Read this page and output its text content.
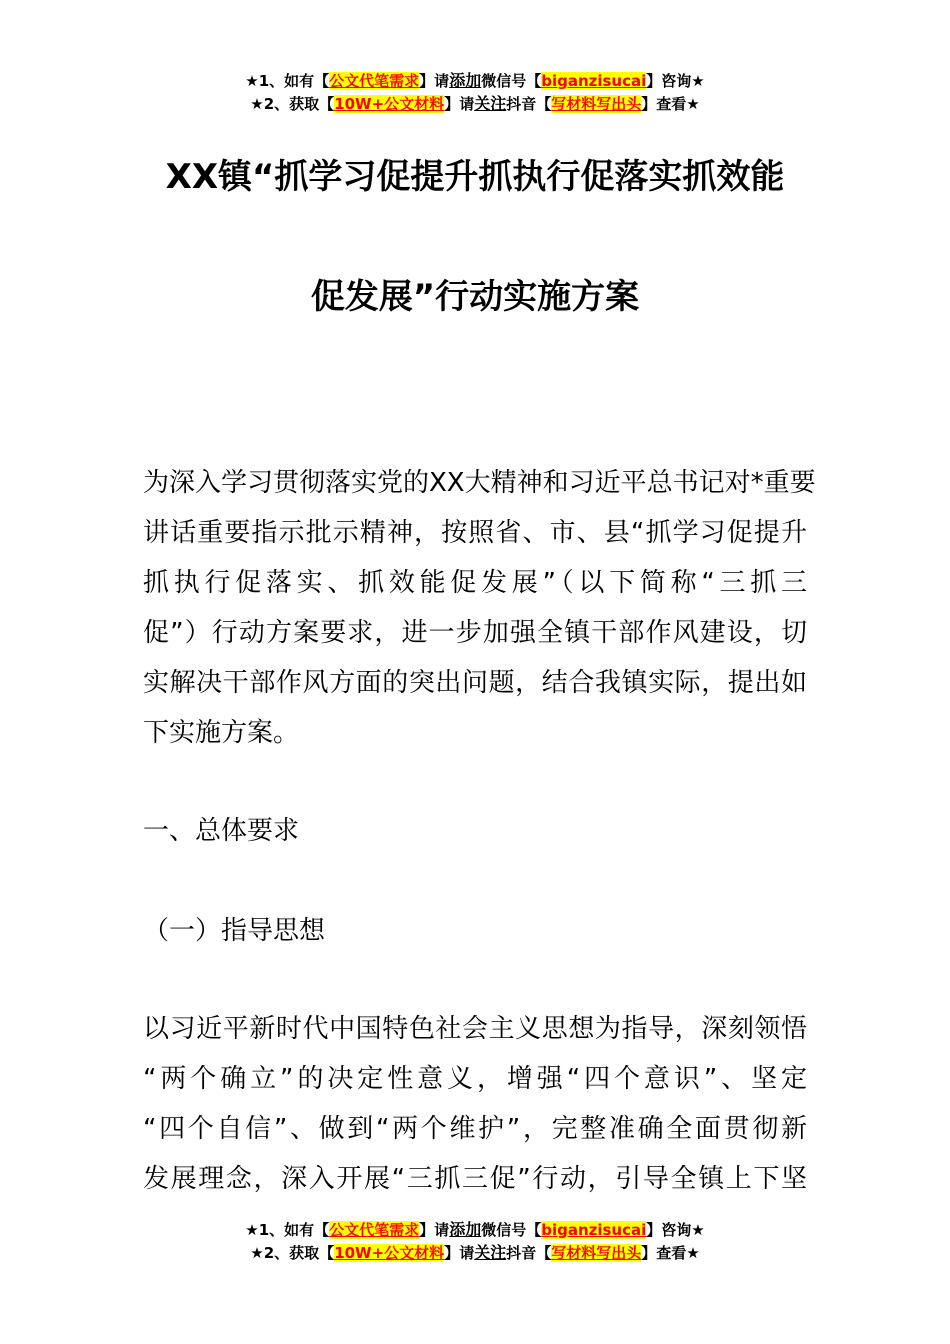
★1、如有【公文代笔需求】请添加微信号【biganzisucai】咨询★
★2、获取【10W+公文材料】请关注抖音【写材料写出头】查看★
XX镇“抓学习促提升抓执行促落实抓效能
促发展”行动实施方案
为深入学习贯彻落实党的XX大精神和习近平总书记对*重要
讲话重要指示批示精神，按照省、市、县“抓学习促提升
抓执行促落实、抓效能促发展”（以下简称“三抓三
促”）行动方案要求，进一步加强全镇干部作风建设，切
实解决干部作风方面的突出问题，结合我镇实际，提出如
下实施方案。
一、总体要求
（一）指导思想
以习近平新时代中国特色社会主义思想为指导，深刻领悟
“两个确立”的决定性意义，增强“四个意识”、坚定
“四个自信”、做到“两个维护”，完整准确全面贯彻新
发展理念，深入开展“三抓三促”行动，引导全镇上下坚
★1、如有【公文代笔需求】请添加微信号【biganzisucai】咨询★
★2、获取【10W+公文材料】请关注抖音【写材料写出头】查看★
